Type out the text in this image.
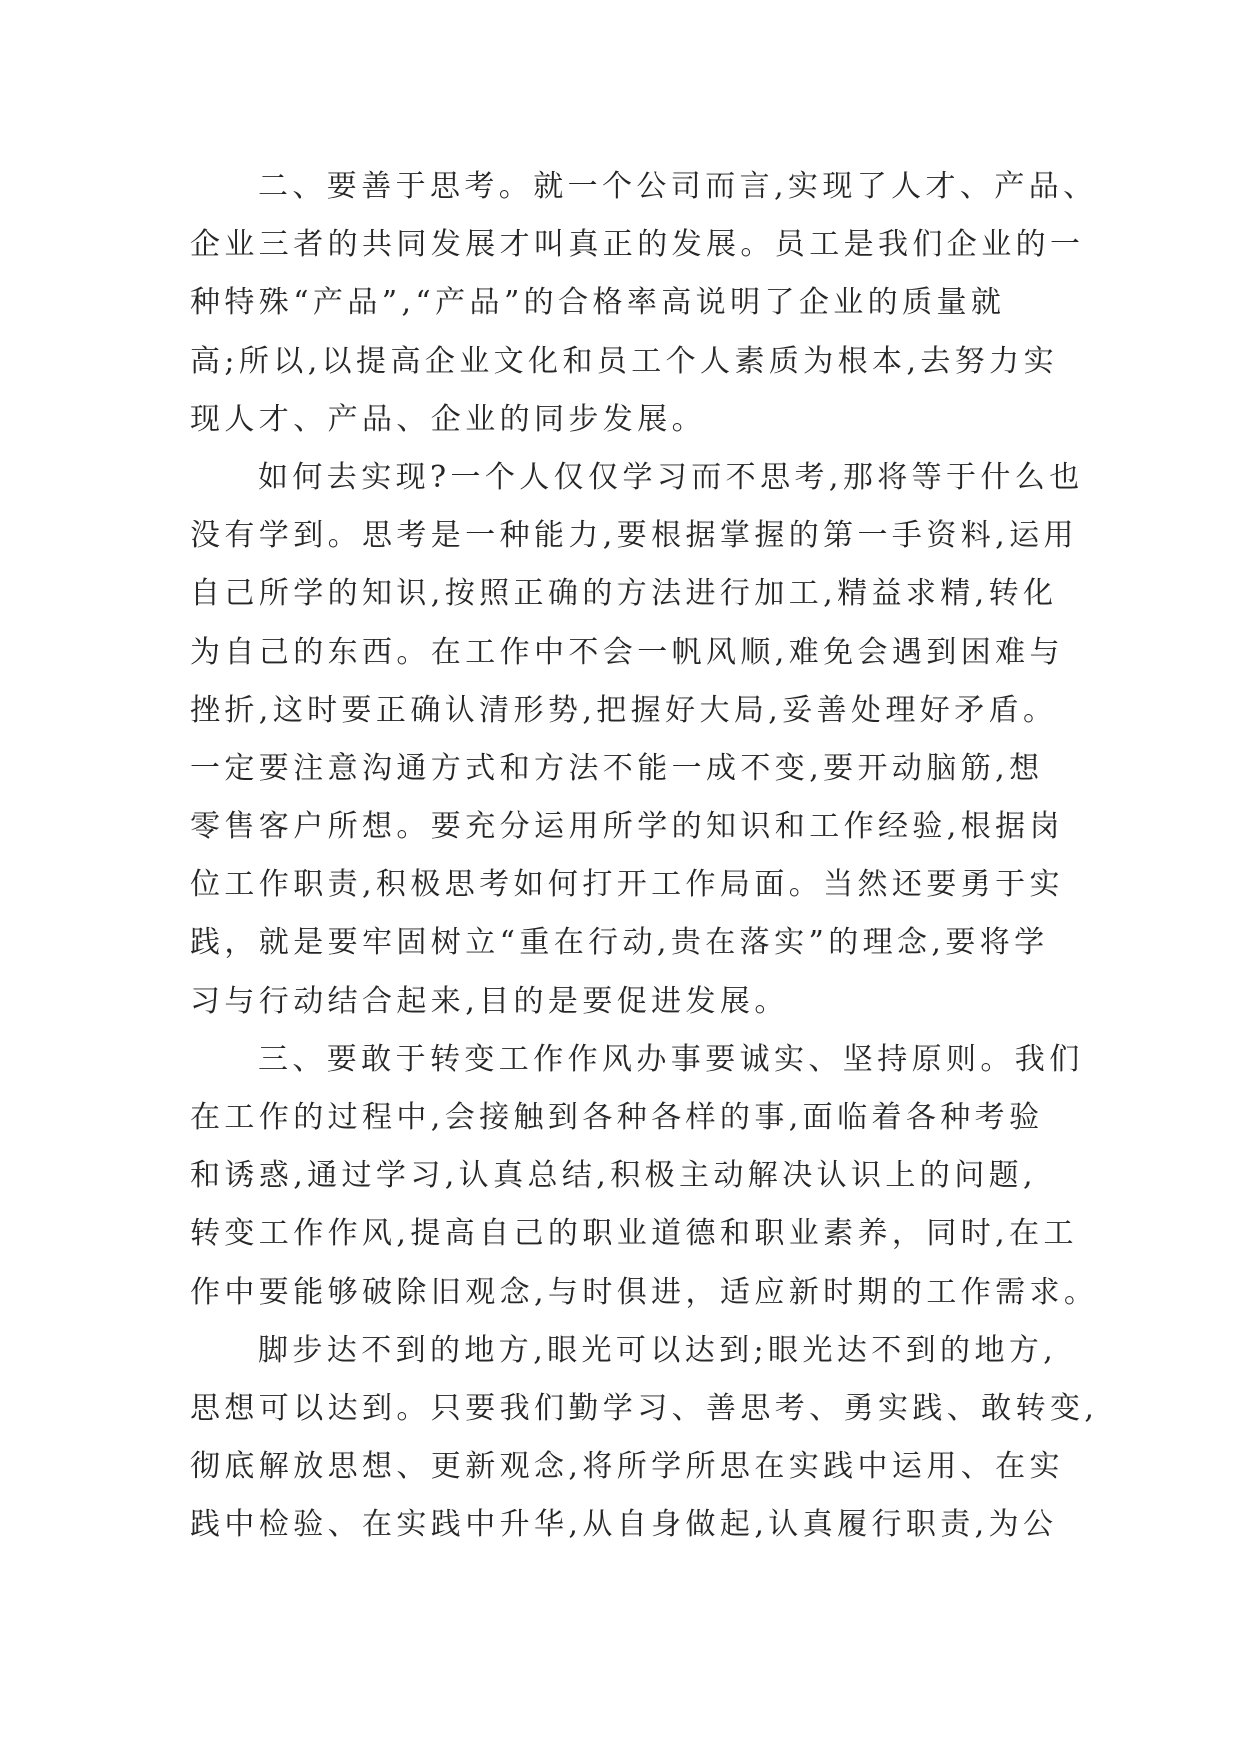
二、要善于思考。就一个公司而言,实现了人才、产品、
企业三者的共同发展才叫真正的发展。员工是我们企业的一
种特殊“产品”,“产品”的合格率高说明了企业的质量就
高;所以,以提高企业文化和员工个人素质为根本,去努力实
现人才、产品、企业的同步发展。
如何去实现?一个人仅仅学习而不思考,那将等于什么也
没有学到。思考是一种能力,要根据掌握的第一手资料,运用
自己所学的知识,按照正确的方法进行加工,精益求精,转化
为自己的东西。在工作中不会一帆风顺,难免会遇到困难与
挫折,这时要正确认清形势,把握好大局,妥善处理好矛盾。
一定要注意沟通方式和方法不能一成不变,要开动脑筋,想
零售客户所想。要充分运用所学的知识和工作经验,根据岗
位工作职责,积极思考如何打开工作局面。当然还要勇于实
践，就是要牢固树立“重在行动,贵在落实”的理念,要将学
习与行动结合起来,目的是要促进发展。
三、要敢于转变工作作风办事要诚实、坚持原则。我们
在工作的过程中,会接触到各种各样的事,面临着各种考验
和诱惑,通过学习,认真总结,积极主动解决认识上的问题,
转变工作作风,提高自己的职业道德和职业素养，同时,在工
作中要能够破除旧观念,与时俱进，适应新时期的工作需求。
脚步达不到的地方,眼光可以达到;眼光达不到的地方,
思想可以达到。只要我们勤学习、善思考、勇实践、敢转变,
彻底解放思想、更新观念,将所学所思在实践中运用、在实
践中检验、在实践中升华,从自身做起,认真履行职责,为公
